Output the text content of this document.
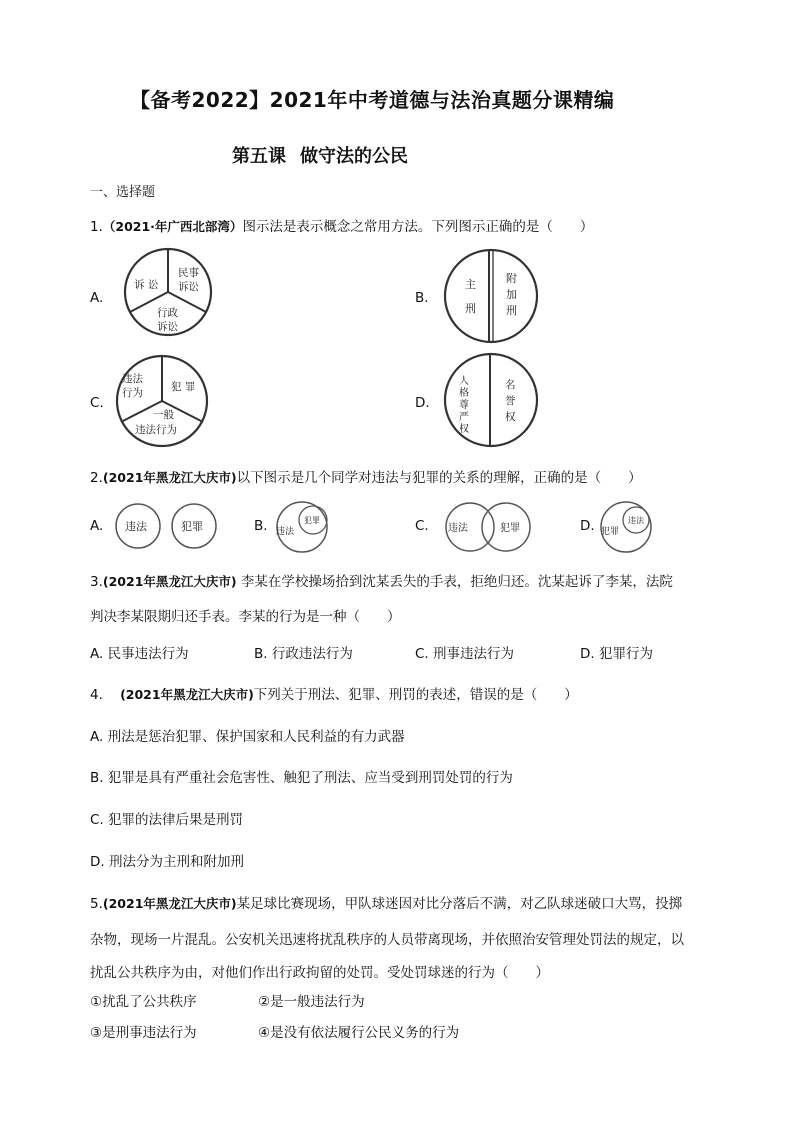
【备考2022】2021年中考道德与法治真题分课精编
第五课 做守法的公民
一、选择题
1.（2021·年广西北部湾）图示法是表示概念之常用方法。下列图示正确的是（　　）
A.
诉 讼
民事
诉讼
行政
诉讼
B.
主
刑
附
加
刑
C.
违法
行为	犯 罪
一般
违法行为
D.
人
格
尊
严
权
名
誉
权
2.(2021年黑龙江大庆市)以下图示是几个同学对违法与犯罪的关系的理解，正确的是（　　）
A. 违法	犯罪	B. 违法
犯罪	C. 违法	犯罪	D. 犯罪
违法
3.(2021年黑龙江大庆市) 李某在学校操场拾到沈某丢失的手表，拒绝归还。沈某起诉了李某，法院
判决李某限期归还手表。李某的行为是一种（　　）
A. 民事违法行为	B. 行政违法行为	C. 刑事违法行为	D. 犯罪行为
4. (2021年黑龙江大庆市)下列关于刑法、犯罪、刑罚的表述，错误的是（　　）
A. 刑法是惩治犯罪、保护国家和人民利益的有力武器
B. 犯罪是具有严重社会危害性、触犯了刑法、应当受到刑罚处罚的行为
C. 犯罪的法律后果是刑罚
D. 刑法分为主刑和附加刑
5.(2021年黑龙江大庆市)某足球比赛现场，甲队球迷因对比分落后不满，对乙队球迷破口大骂，投掷
杂物，现场一片混乱。公安机关迅速将扰乱秩序的人员带离现场，并依照治安管理处罚法的规定，以
扰乱公共秩序为由，对他们作出行政拘留的处罚。受处罚球迷的行为（　　）
①扰乱了公共秩序	②是一般违法行为
③是刑事违法行为	④是没有依法履行公民义务的行为
